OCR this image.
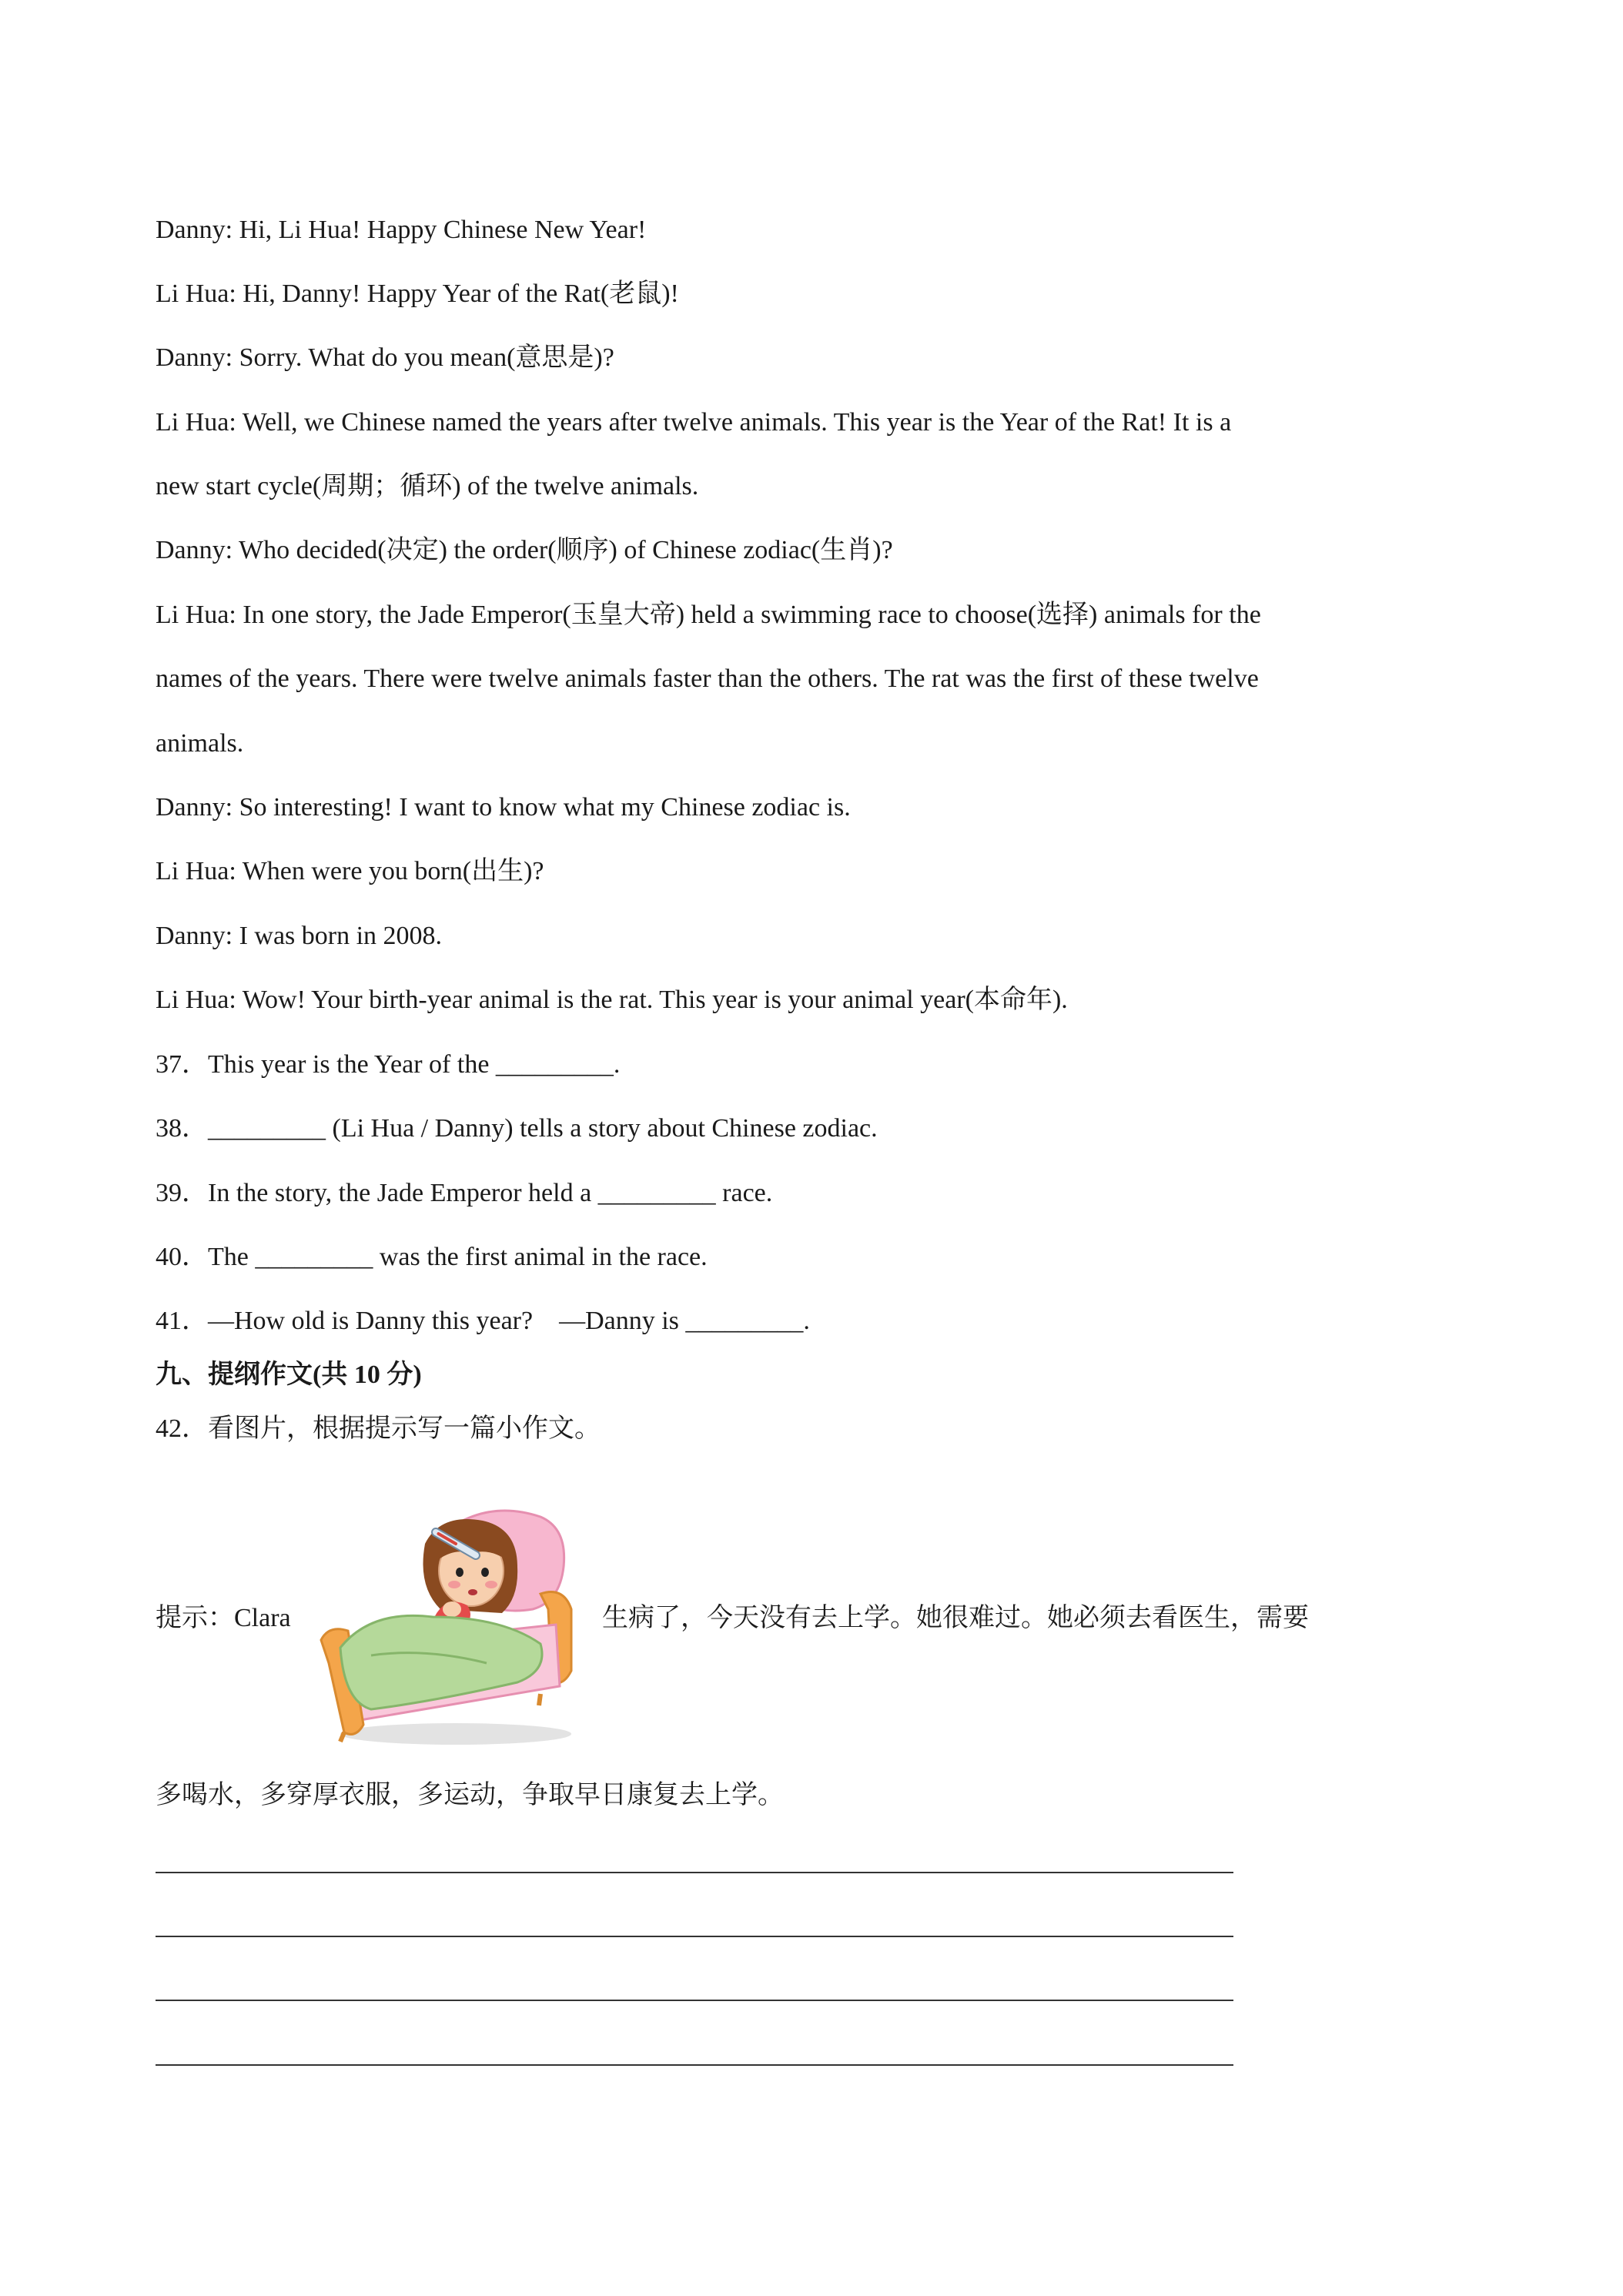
Danny: Hi, Li Hua! Happy Chinese New Year!
Li Hua: Hi, Danny! Happy Year of the Rat(老鼠)!
Danny: Sorry. What do you mean(意思是)?
Li Hua: Well, we Chinese named the years after twelve animals. This year is the Year of the Rat! It is a
new start cycle(周期；循环) of the twelve animals.
Danny: Who decided(决定) the order(顺序) of Chinese zodiac(生肖)?
Li Hua: In one story, the Jade Emperor(玉皇大帝) held a swimming race to choose(选择) animals for the
names of the years. There were twelve animals faster than the others. The rat was the first of these twelve
animals.
Danny: So interesting! I want to know what my Chinese zodiac is.
Li Hua: When were you born(出生)?
Danny: I was born in 2008.
Li Hua: Wow! Your birth-year animal is the rat. This year is your animal year(本命年).
37．This year is the Year of the _________.
38．_________ (Li Hua / Danny) tells a story about Chinese zodiac.
39．In the story, the Jade Emperor held a _________ race.
40．The _________ was the first animal in the race.
41．—How old is Danny this year?    —Danny is _________.
九、提纲作文(共 10 分)
42．看图片，根据提示写一篇小作文。
提示：Clara	生病了，今天没有去上学。她很难过。她必须去看医生，需要
多喝水，多穿厚衣服，多运动，争取早日康复去上学。
